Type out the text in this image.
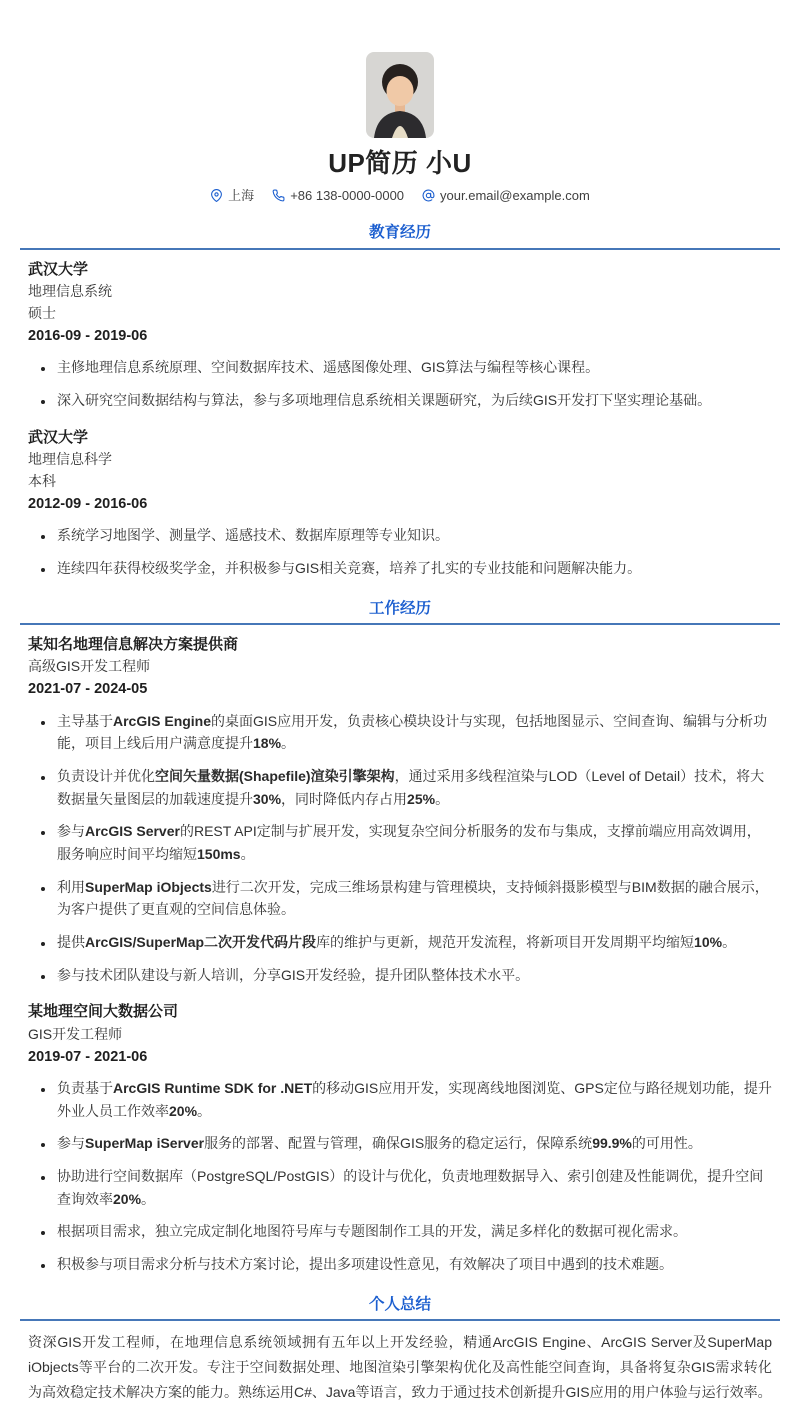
UP简历 小U
上海	+86 138-0000-0000	your.email@example.com
教育经历
武汉大学
地理信息系统
硕士
2016-09 - 2019-06
• 主修地理信息系统原理、空间数据库技术、遥感图像处理、GIS算法与编程等核心课程。
• 深入研究空间数据结构与算法，参与多项地理信息系统相关课题研究，为后续GIS开发打下坚实理论基础。
武汉大学
地理信息科学
本科
2012-09 - 2016-06
• 系统学习地图学、测量学、遥感技术、数据库原理等专业知识。
• 连续四年获得校级奖学金，并积极参与GIS相关竞赛，培养了扎实的专业技能和问题解决能力。
工作经历
某知名地理信息解决方案提供商
高级GIS开发工程师
2021-07 - 2024-05
• 主导基于ArcGIS Engine的桌面GIS应用开发，负责核心模块设计与实现，包括地图显示、空间查询、编辑与分析功能，项目上线后用户满意度提升18%。
• 负责设计并优化空间矢量数据(Shapefile)渲染引擎架构，通过采用多线程渲染与LOD（Level of Detail）技术，将大数据量矢量图层的加载速度提升30%，同时降低内存占用25%。
• 参与ArcGIS Server的REST API定制与扩展开发，实现复杂空间分析服务的发布与集成，支撑前端应用高效调用，服务响应时间平均缩短150ms。
• 利用SuperMap iObjects进行二次开发，完成三维场景构建与管理模块，支持倾斜摄影模型与BIM数据的融合展示，为客户提供了更直观的空间信息体验。
• 提供ArcGIS/SuperMap二次开发代码片段库的维护与更新，规范开发流程，将新项目开发周期平均缩短10%。
• 参与技术团队建设与新人培训，分享GIS开发经验，提升团队整体技术水平。
某地理空间大数据公司
GIS开发工程师
2019-07 - 2021-06
• 负责基于ArcGIS Runtime SDK for .NET的移动GIS应用开发，实现离线地图浏览、GPS定位与路径规划功能，提升外业人员工作效率20%。
• 参与SuperMap iServer服务的部署、配置与管理，确保GIS服务的稳定运行，保障系统99.9%的可用性。
• 协助进行空间数据库（PostgreSQL/PostGIS）的设计与优化，负责地理数据导入、索引创建及性能调优，提升空间查询效率20%。
• 根据项目需求，独立完成定制化地图符号库与专题图制作工具的开发，满足多样化的数据可视化需求。
• 积极参与项目需求分析与技术方案讨论，提出多项建设性意见，有效解决了项目中遇到的技术难题。
个人总结

资深GIS开发工程师，在地理信息系统领域拥有五年以上开发经验，精通ArcGIS Engine、ArcGIS Server及SuperMap iObjects等平台的二次开发。专注于空间数据处理、地图渲染引擎架构优化及高性能空间查询，具备将复杂GIS需求转化为高效稳定技术解决方案的能力。熟练运用C#、Java等语言，致力于通过技术创新提升GIS应用的用户体验与运行效率。
